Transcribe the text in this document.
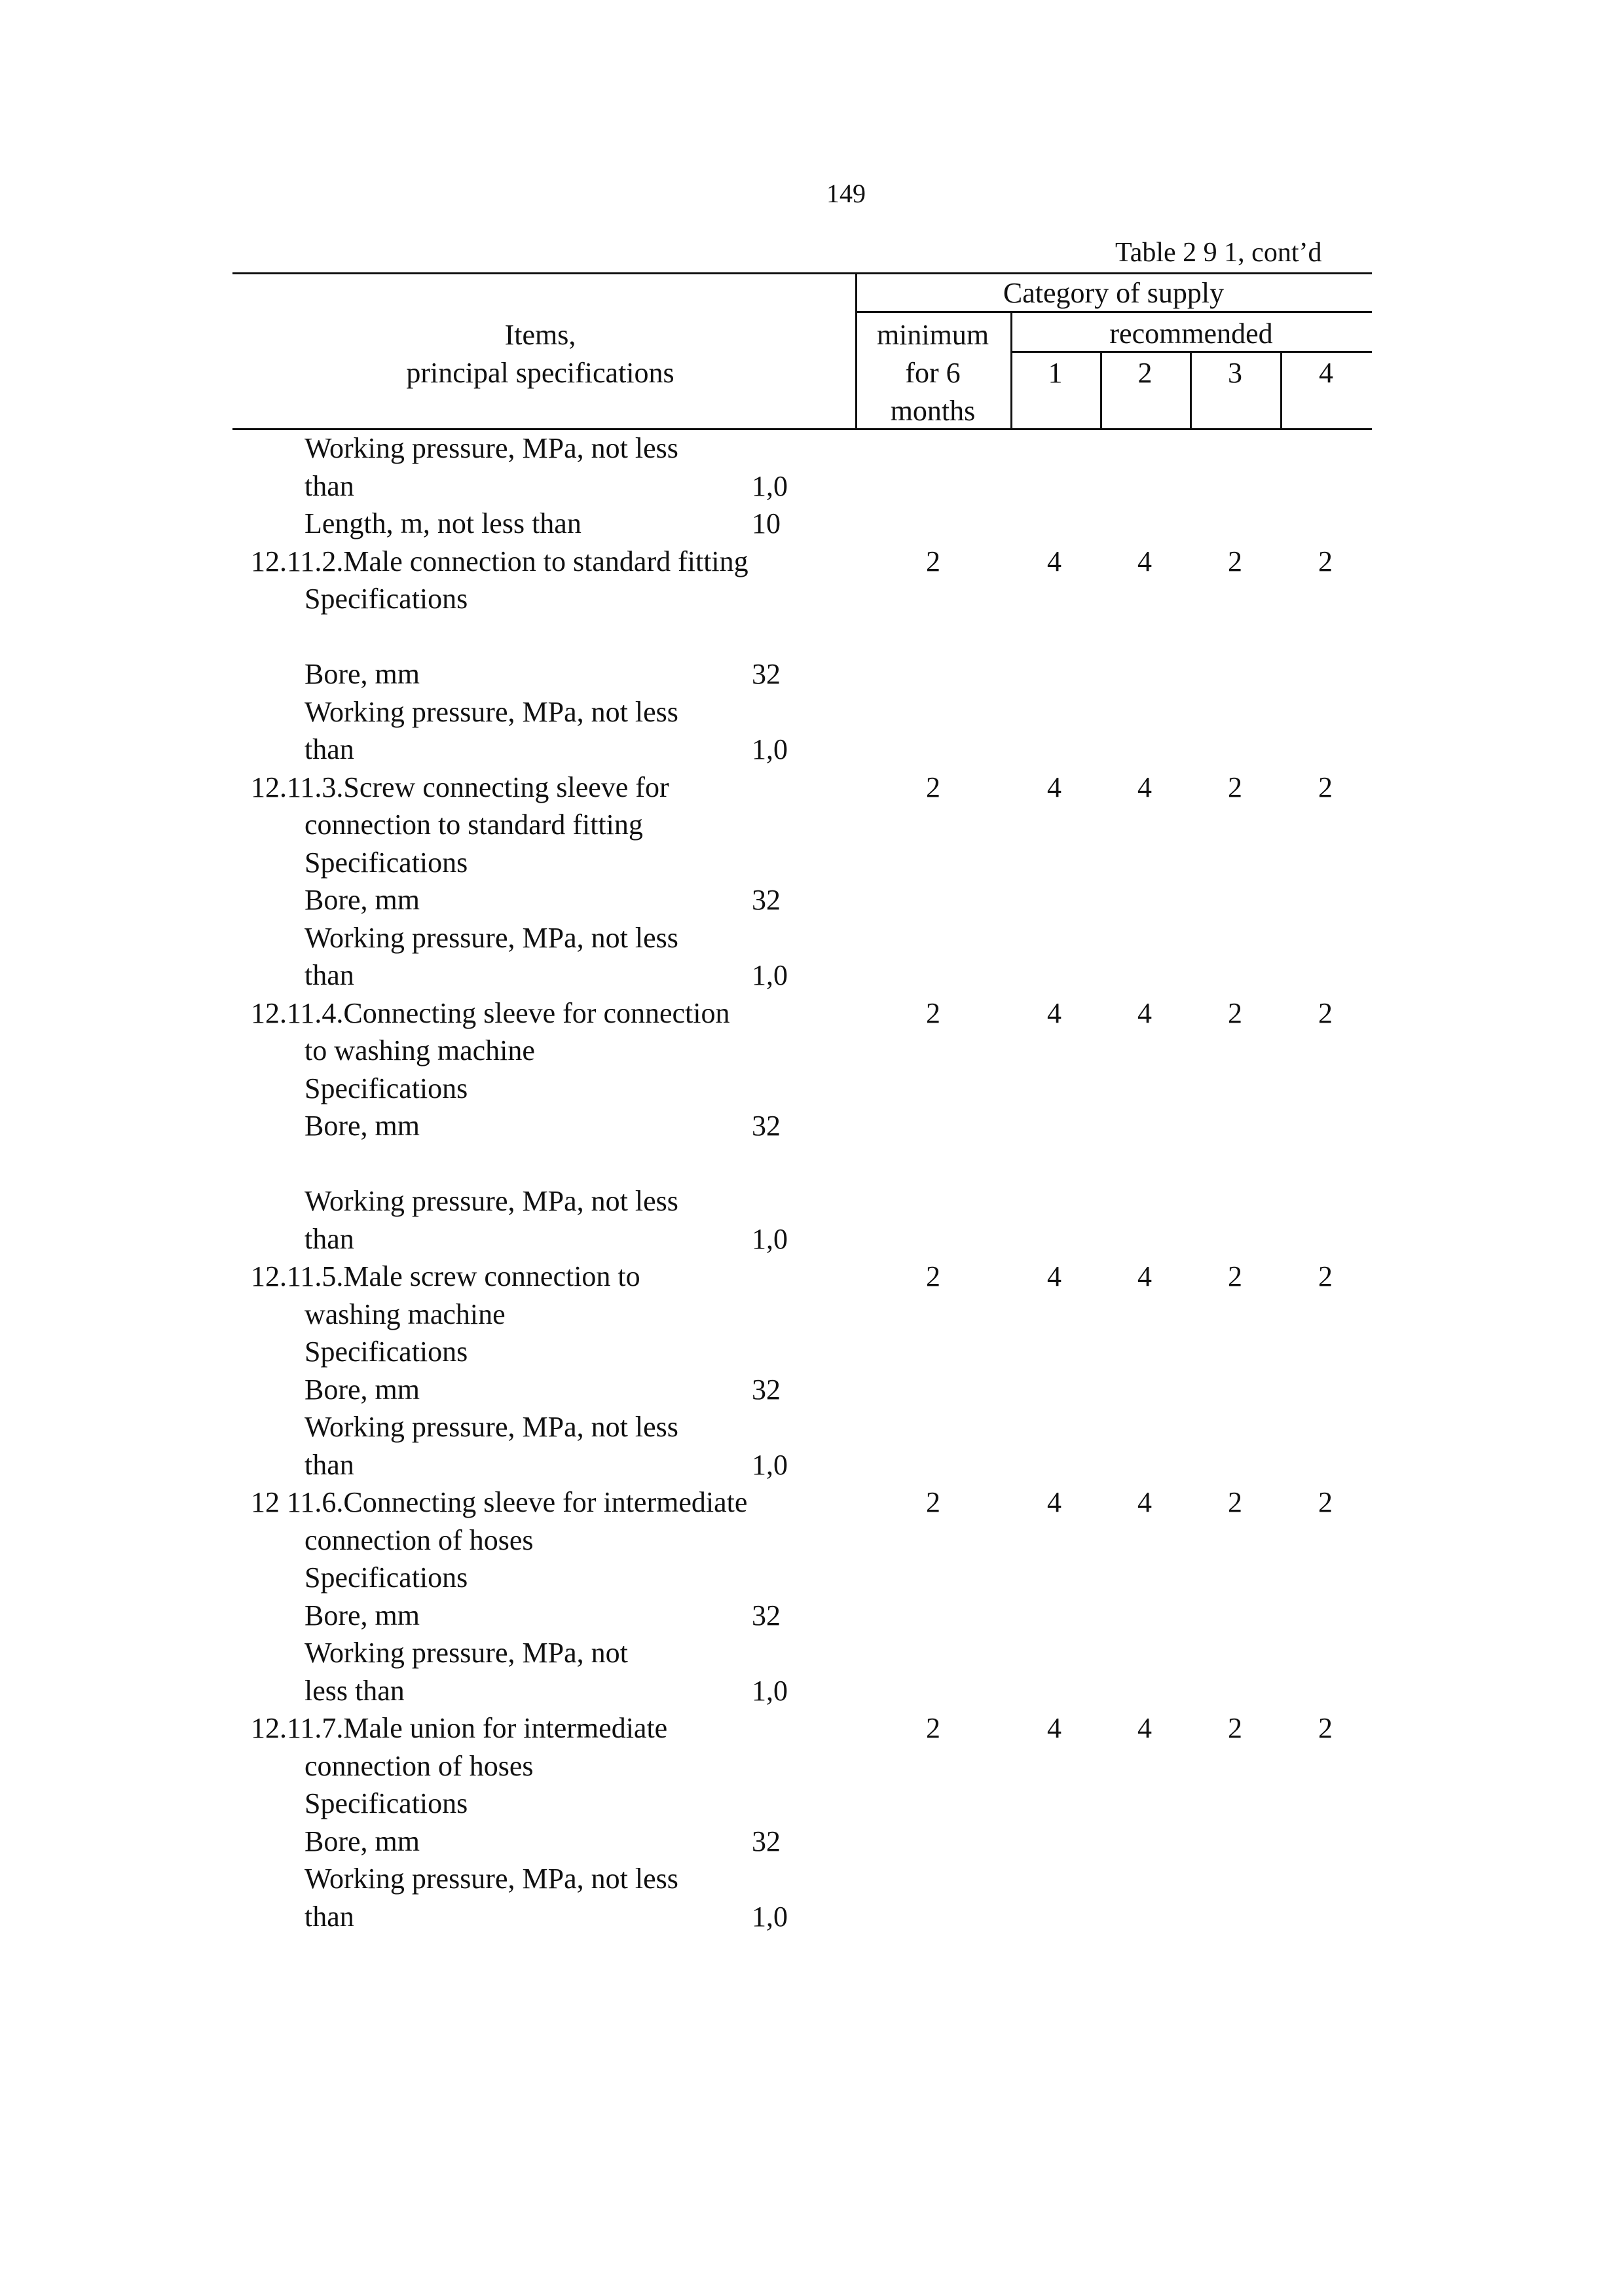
149
Table 2 9 1, cont’d
Items,
principal specifications
Category of supply
minimum
for 6
months
recommended
1	2	3	4
Working pressure, MPa, not less
than	1,0
Length, m, not less than	10
12.11.2.Male connection to standard fitting	2	4	4	2	2
Specifications
Bore, mm	32
Working pressure, MPa, not less
than	1,0
12.11.3.Screw connecting sleeve for	2	4	4	2	2
connection to standard fitting
Specifications
Bore, mm	32
Working pressure, MPa, not less
than	1,0
12.11.4.Connecting sleeve for connection	2	4	4	2	2
to washing machine
Specifications
Bore, mm	32
Working pressure, MPa, not less
than	1,0
12.11.5.Male screw connection to	2	4	4	2	2
washing machine
Specifications
Bore, mm	32
Working pressure, MPa, not less
than	1,0
12 11.6.Connecting sleeve for intermediate	2	4	4	2	2
connection of hoses
Specifications
Bore, mm	32
Working pressure, MPa, not
less than	1,0
12.11.7.Male union for intermediate	2	4	4	2	2
connection of hoses
Specifications
Bore, mm	32
Working pressure, MPa, not less
than	1,0
